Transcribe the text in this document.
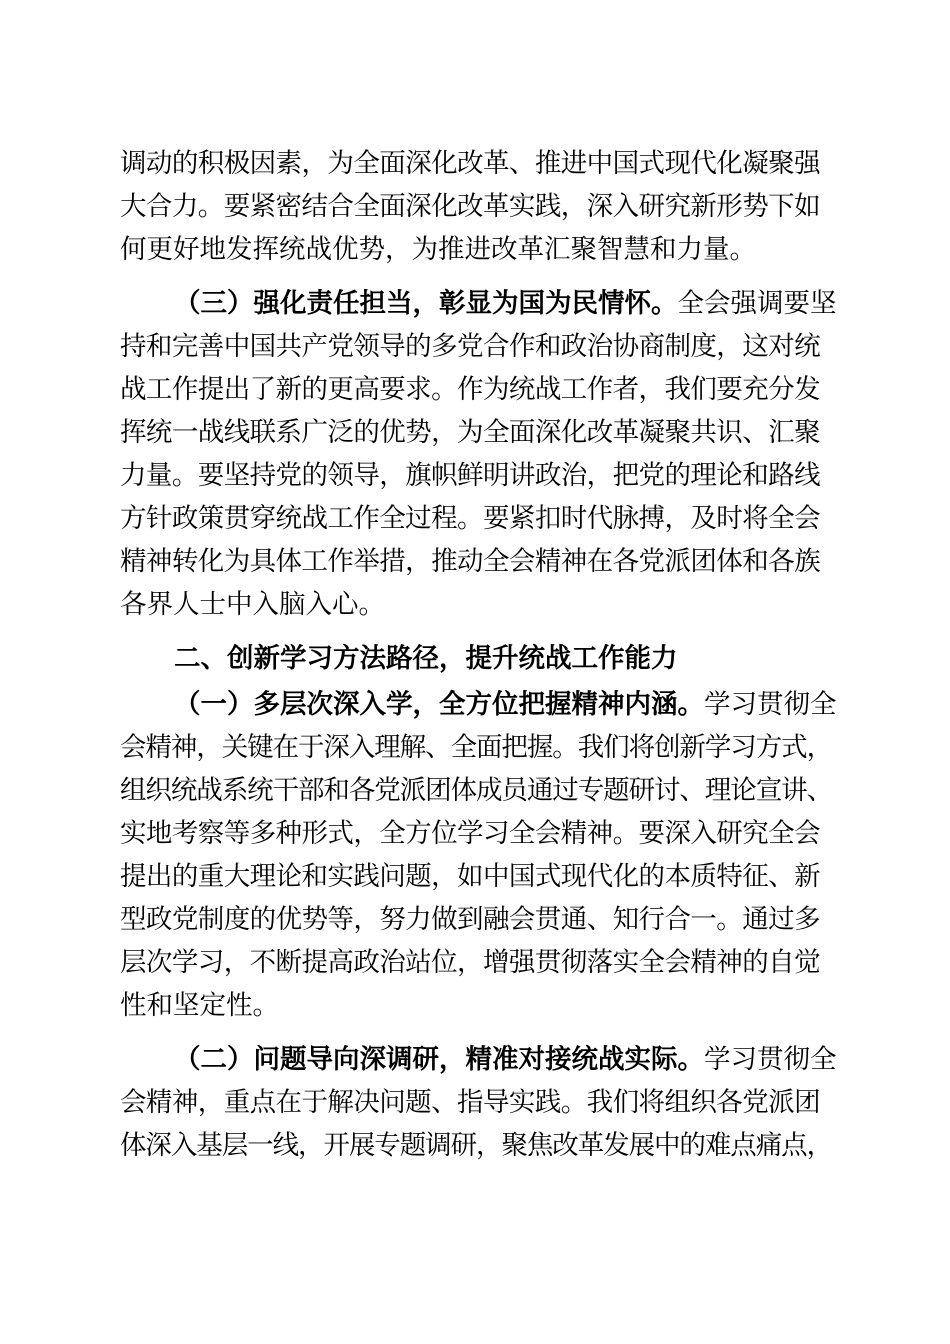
调动的积极因素，为全面深化改革、推进中国式现代化凝聚强
大合力。要紧密结合全面深化改革实践，深入研究新形势下如
何更好地发挥统战优势，为推进改革汇聚智慧和力量。
（三）强化责任担当，彰显为国为民情怀。全会强调要坚
持和完善中国共产党领导的多党合作和政治协商制度，这对统
战工作提出了新的更高要求。作为统战工作者，我们要充分发
挥统一战线联系广泛的优势，为全面深化改革凝聚共识、汇聚
力量。要坚持党的领导，旗帜鲜明讲政治，把党的理论和路线
方针政策贯穿统战工作全过程。要紧扣时代脉搏，及时将全会
精神转化为具体工作举措，推动全会精神在各党派团体和各族
各界人士中入脑入心。
二、创新学习方法路径，提升统战工作能力
（一）多层次深入学，全方位把握精神内涵。学习贯彻全
会精神，关键在于深入理解、全面把握。我们将创新学习方式，
组织统战系统干部和各党派团体成员通过专题研讨、理论宣讲、
实地考察等多种形式，全方位学习全会精神。要深入研究全会
提出的重大理论和实践问题，如中国式现代化的本质特征、新
型政党制度的优势等，努力做到融会贯通、知行合一。通过多
层次学习，不断提高政治站位，增强贯彻落实全会精神的自觉
性和坚定性。
（二）问题导向深调研，精准对接统战实际。学习贯彻全
会精神，重点在于解决问题、指导实践。我们将组织各党派团
体深入基层一线，开展专题调研，聚焦改革发展中的难点痛点，
